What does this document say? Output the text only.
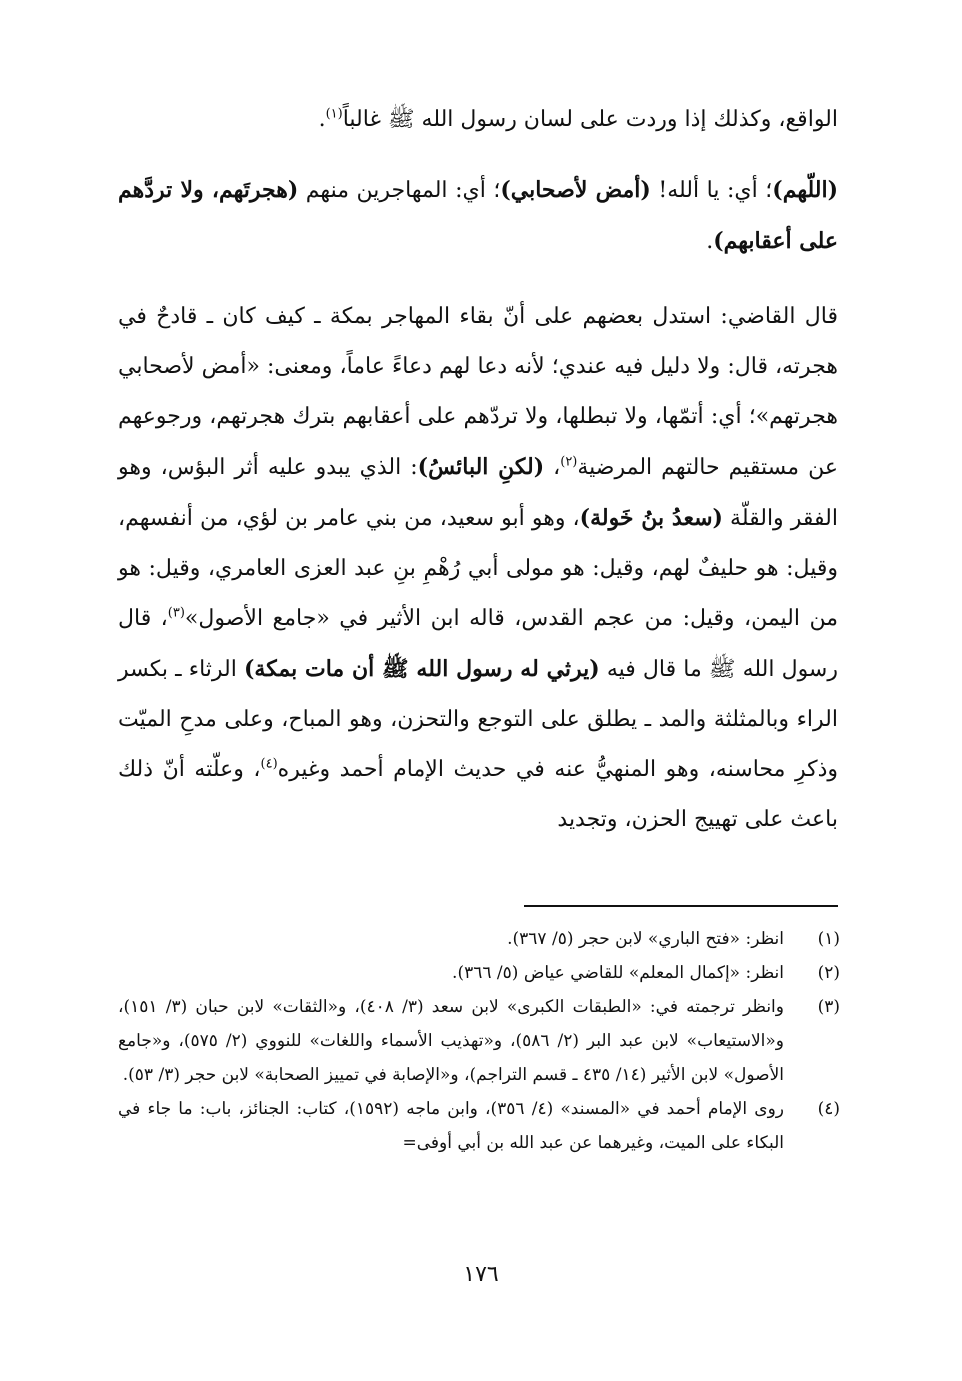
الواقع، وكذلك إذا وردت على لسان رسول الله ﷺ غالباً$^{(١)}$.

(اللّهم)؛ أي: يا ألله! (أمض لأصحابي)؛ أي: المهاجرين منهم (هجرتَهم، ولا تردَّهم على أعقابهم).

قال القاضي: استدل بعضهم على أنّ بقاء المهاجر بمكة ـ كيف كان ـ قادحٌ في هجرته، قال: ولا دليل فيه عندي؛ لأنه دعا لهم دعاءً عاماً، ومعنى: «أمض لأصحابي هجرتهم»؛ أي: أتمّها، ولا تبطلها، ولا تردّهم على أعقابهم بترك هجرتهم، ورجوعهم عن مستقيم حالتهم المرضية$^{(٢)}$، (لكنِ البائسُ): الذي يبدو عليه أثر البؤس، وهو الفقر والقلّة (سعدُ بنُ خَولة)، وهو أبو سعيد، من بني عامر بن لؤي، من أنفسهم، وقيل: هو حليفٌ لهم، وقيل: هو مولى أبي رُهْمِ بنِ عبد العزى العامري، وقيل: هو من اليمن، وقيل: من عجم القدس، قاله ابن الأثير في «جامع الأصول»$^{(٣)}$، قال رسول الله ﷺ ما قال فيه (يرثي له رسول الله ﷺ أن مات بمكة) الرثاء ـ بكسر الراء وبالمثلثة والمد ـ يطلق على التوجع والتحزن، وهو المباح، وعلى مدحِ الميّت وذكرِ محاسنه، وهو المنهيُّ عنه في حديث الإمام أحمد وغيره$^{(٤)}$، وعلّته أنّ ذلك باعث على تهييج الحزن، وتجديد

(١)
انظر: «فتح الباري» لابن حجر (٥/ ٣٦٧).
(٢)
انظر: «إكمال المعلم» للقاضي عياض (٥/ ٣٦٦).
(٣)
وانظر ترجمته في: «الطبقات الكبرى» لابن سعد (٣/ ٤٠٨)، و«الثقات» لابن حبان (٣/ ١٥١)، و«الاستيعاب» لابن عبد البر (٢/ ٥٨٦)، و«تهذيب الأسماء واللغات» للنووي (٢/ ٥٧٥)، و«جامع الأصول» لابن الأثير (١٤/ ٤٣٥ ـ قسم التراجم)، و«الإصابة في تمييز الصحابة» لابن حجر (٣/ ٥٣).
(٤)
روى الإمام أحمد في «المسند» (٤/ ٣٥٦)، وابن ماجه (١٥٩٢)، كتاب: الجنائز، باب: ما جاء في البكاء على الميت، وغيرهما عن عبد الله بن أبي أوفى=
١٧٦
